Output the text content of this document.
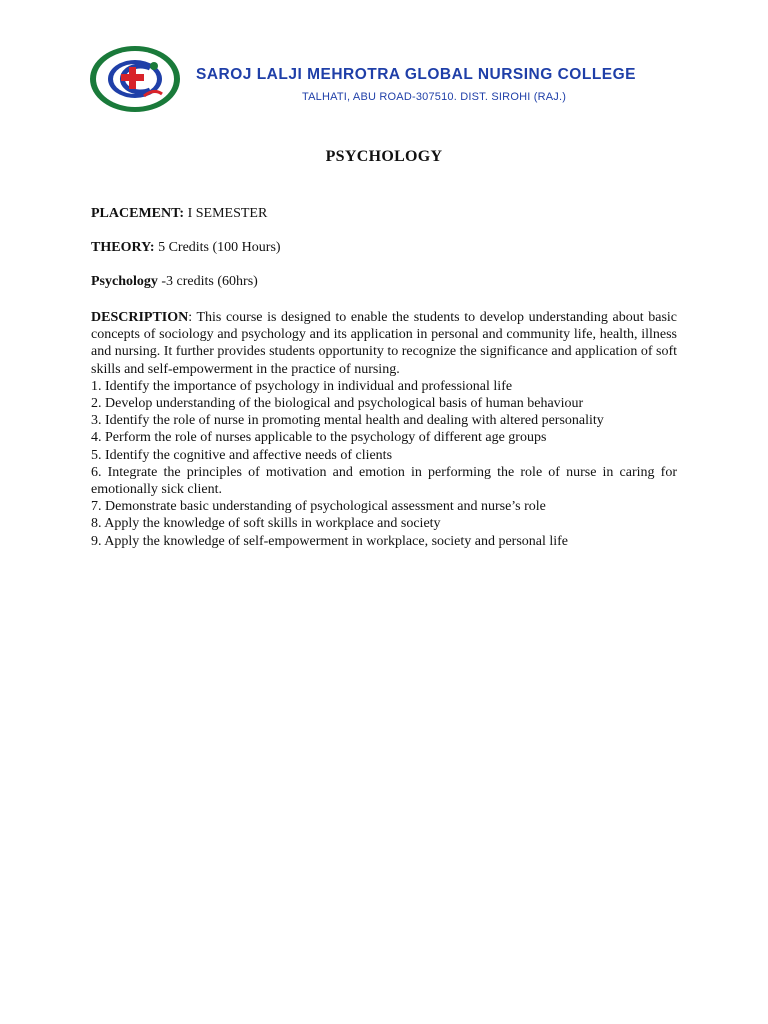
SAROJ LALJI MEHROTRA GLOBAL NURSING COLLEGE
TALHATI, ABU ROAD-307510. DIST. SIROHI (RAJ.)
PSYCHOLOGY
PLACEMENT: I SEMESTER
THEORY: 5 Credits (100 Hours)
Psychology -3 credits (60hrs)
DESCRIPTION: This course is designed to enable the students to develop understanding about basic concepts of sociology and psychology and its application in personal and community life, health, illness and nursing. It further provides students opportunity to recognize the significance and application of soft skills and self-empowerment in the practice of nursing.
1. Identify the importance of psychology in individual and professional life
2. Develop understanding of the biological and psychological basis of human behaviour
3. Identify the role of nurse in promoting mental health and dealing with altered personality
4. Perform the role of nurses applicable to the psychology of different age groups
5. Identify the cognitive and affective needs of clients
6. Integrate the principles of motivation and emotion in performing the role of nurse in caring for emotionally sick client.
7. Demonstrate basic understanding of psychological assessment and nurse’s role
8. Apply the knowledge of soft skills in workplace and society
9. Apply the knowledge of self-empowerment in workplace, society and personal life
